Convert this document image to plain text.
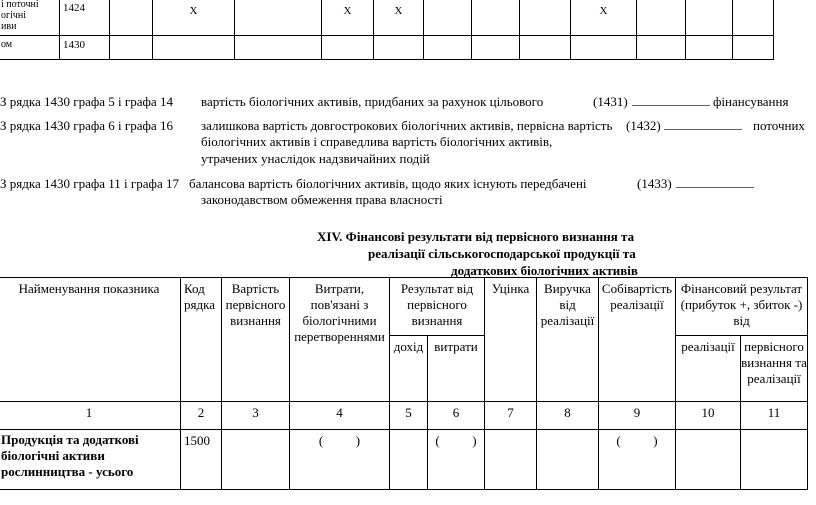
і поточні
огічні
иви	1424		Х		Х	Х				Х			
ом	1430												
З рядка 1430 графа 5 і графа 14 вартість біологічних активів, придбаних за рахунок цільового	(1431) ____________ фінансування
З рядка 1430 графа 6 і графа 16 залишкова вартість довгострокових біологічних активів, первісна вартість (1432) ____________ поточних
біологічних активів і справедлива вартість біологічних активів,
утрачених унаслідок надзвичайних подій
З рядка 1430 графа 11 і графа 17 балансова вартість біологічних активів, щодо яких існують передбачені	(1433) ____________
законодавством обмеження права власності
XIV. Фінансові результати від первісного визнання та
реалізації сільськогосподарської продукції та
додаткових біологічних активів
Найменування показника	Код рядка	Вартість первісного визнання	Витрати, пов'язані з біологічними перетвореннями	Результат від первісного визнання		Уцінка	Виручка від реалізації	Собівартість реалізації	Фінансовий результат (прибуток +, збиток -) від	
				дохід	витрати				реалізації	первісного визнання та реалізації
1	2	3	4	5	6	7	8	9	10	11

Продукція та додаткові
біологічні активи
рослинництва - усього	1500		(          )		(          )			(          )		
